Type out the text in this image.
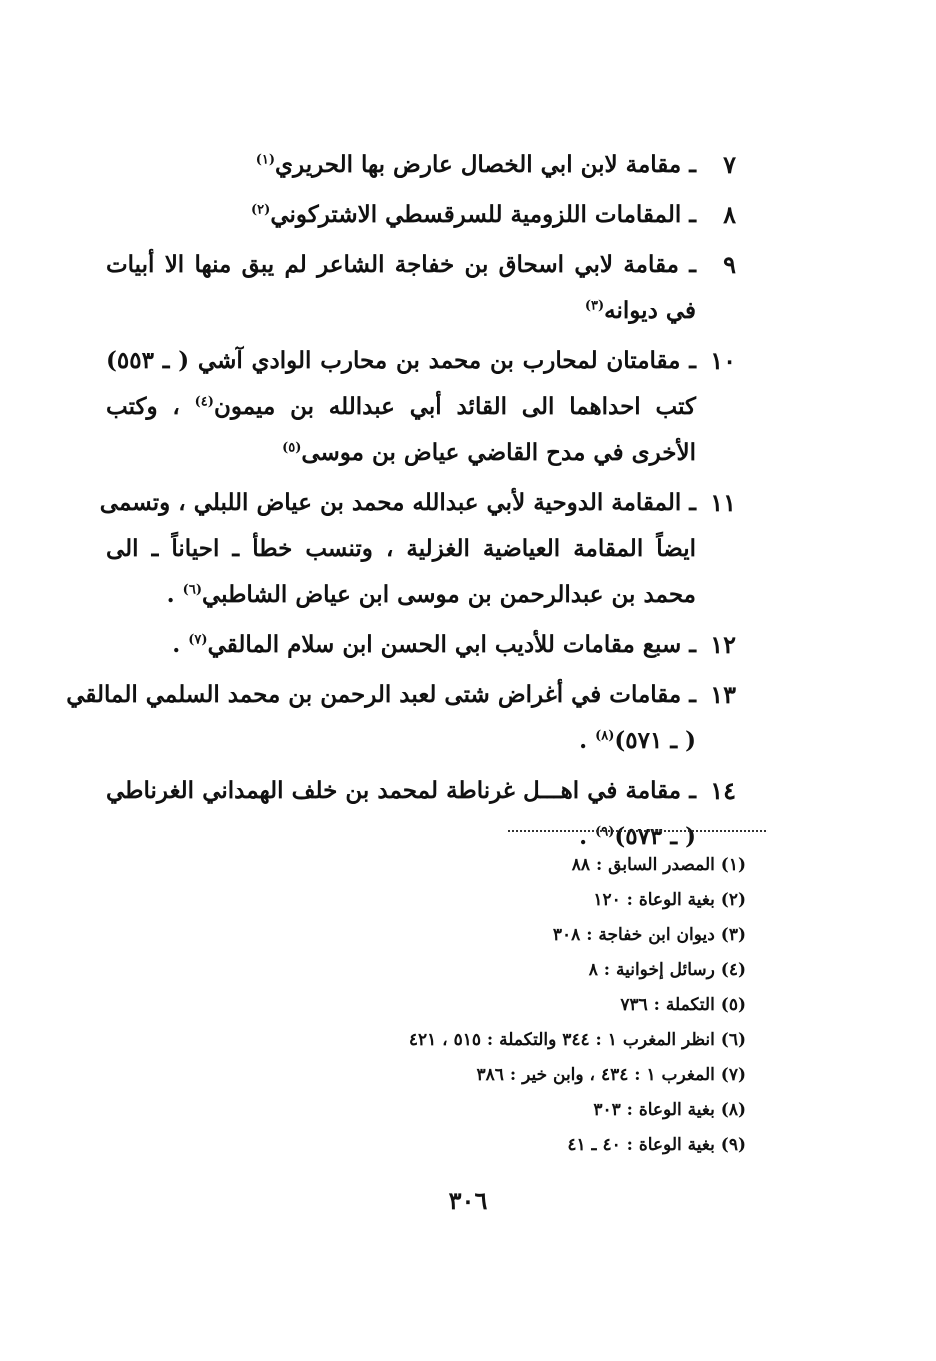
٧
ـ مقامة لابن ابي الخصال عارض بها الحريري$^{(١)}$
٨
ـ المقامات اللزومية للسرقسطي الاشتركوني$^{(٢)}$
٩
ـ مقامة لابي اسحاق بن خفاجة الشاعر لم يبق منها الا أبيات
في ديوانه$^{(٣)}$
١٠
ـ مقامتان لمحارب بن محمد بن محارب الوادي آشي ( ـ ٥٥٣)
كتب احداهما الى القائد أبي عبدالله بن ميمون$^{(٤)}$ ، وكتب
الأخرى في مدح القاضي عياض بن موسى$^{(٥)}$
١١
ـ المقامة الدوحية لأبي عبدالله محمد بن عياض اللبلي ، وتسمى
ايضاً المقامة العياضية الغزلية ، وتنسب خطأ ـ احياناً ـ الى
محمد بن عبدالرحمن بن موسى ابن عياض الشاطبي$^{(٦)}$ .
١٢
ـ سبع مقامات للأديب ابي الحسن ابن سلام المالقي$^{(٧)}$ .
١٣
ـ مقامات في أغراض شتى لعبد الرحمن بن محمد السلمي المالقي
( ـ ٥٧١)$^{(٨)}$ .
١٤
ـ مقامة في اهـــل غرناطة لمحمد بن خلف الهمداني الغرناطي
( ـ ٥٧٣)$^{(٩)}$ .
(١) المصدر السابق : ٨٨
(٢) بغية الوعاة : ١٢٠
(٣) ديوان ابن خفاجة : ٣٠٨
(٤) رسائل إخوانية : ٨
(٥) التكملة : ٧٣٦
(٦) انظر المغرب ١ : ٣٤٤ والتكملة : ٥١٥ ، ٤٢١
(٧) المغرب ١ : ٤٣٤ ، وابن خير : ٣٨٦
(٨) بغية الوعاة : ٣٠٣
(٩) بغية الوعاة : ٤٠ ـ ٤١
٣٠٦
